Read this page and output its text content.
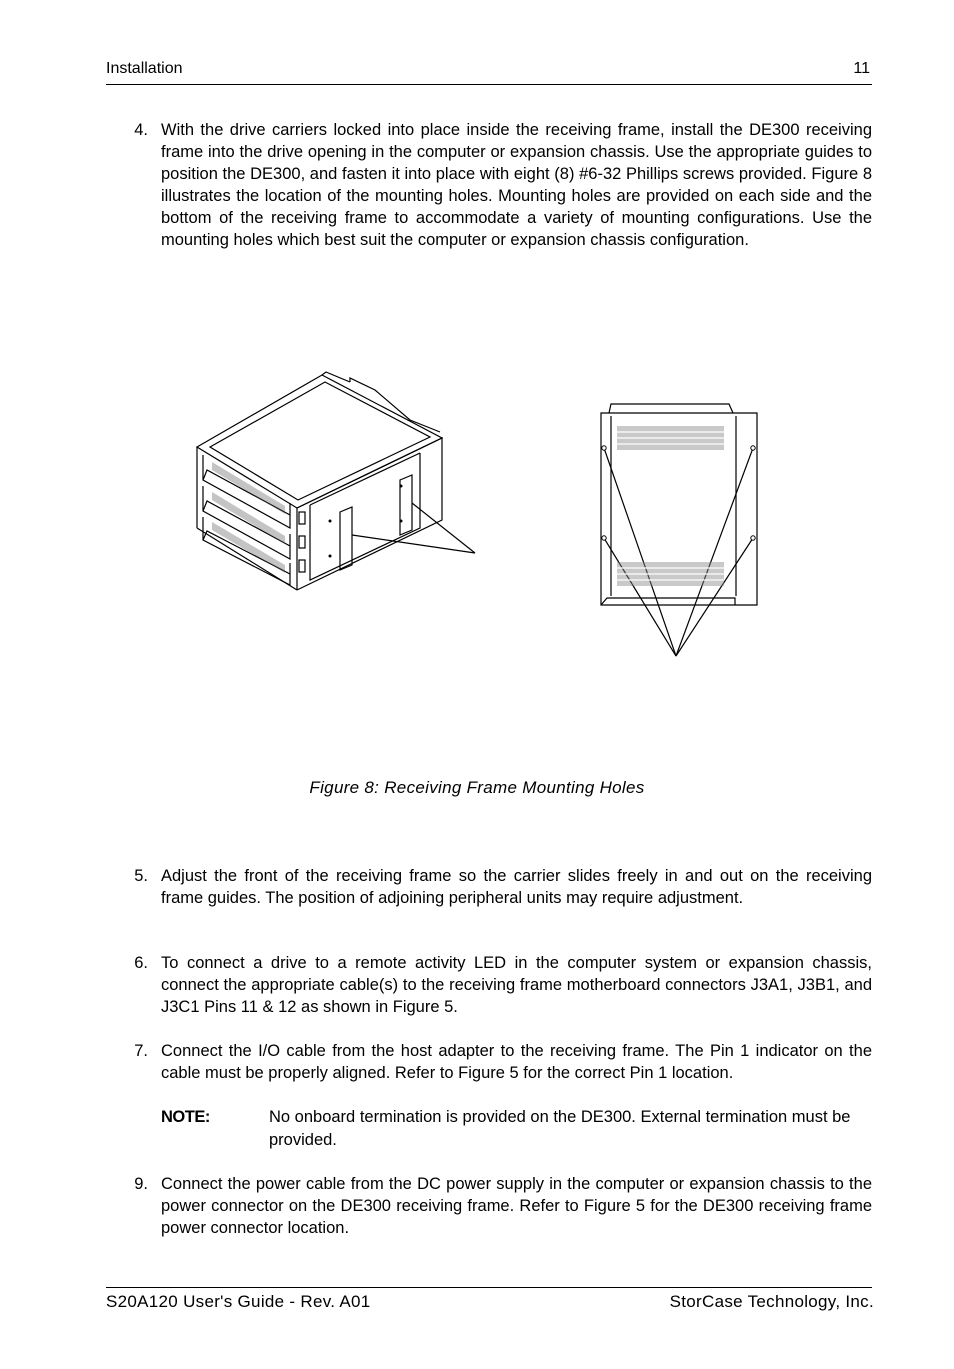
Installation	11
4. With the drive carriers locked into place inside the receiving frame, install the DE300 receiving frame into the drive opening in the computer or expansion chassis. Use the appropriate guides to position the DE300, and fasten it into place with eight (8) #6-32 Phillips screws provided. Figure 8 illustrates the location of the mounting holes. Mounting holes are provided on each side and the bottom of the receiving frame to accommodate a variety of mounting configurations. Use the mounting holes which best suit the computer or expansion chassis configuration.
Figure 8: Receiving Frame Mounting Holes
5. Adjust the front of the receiving frame so the carrier slides freely in and out on the receiving frame guides. The position of adjoining peripheral units may require adjustment.
6. To connect a drive to a remote activity LED in the computer system or expansion chassis, connect the appropriate cable(s) to the receiving frame motherboard connectors J3A1, J3B1, and J3C1 Pins 11 & 12 as shown in Figure 5.
7. Connect the I/O cable from the host adapter to the receiving frame. The Pin 1 indicator on the cable must be properly aligned. Refer to Figure 5 for the correct Pin 1 location.
NOTE:	No onboard termination is provided on the DE300. External termination must be provided.
9. Connect the power cable from the DC power supply in the computer or expansion chassis to the power connector on the DE300 receiving frame. Refer to Figure 5 for the DE300 receiving frame power connector location.
S20A120 User's Guide - Rev. A01	StorCase Technology, Inc.
